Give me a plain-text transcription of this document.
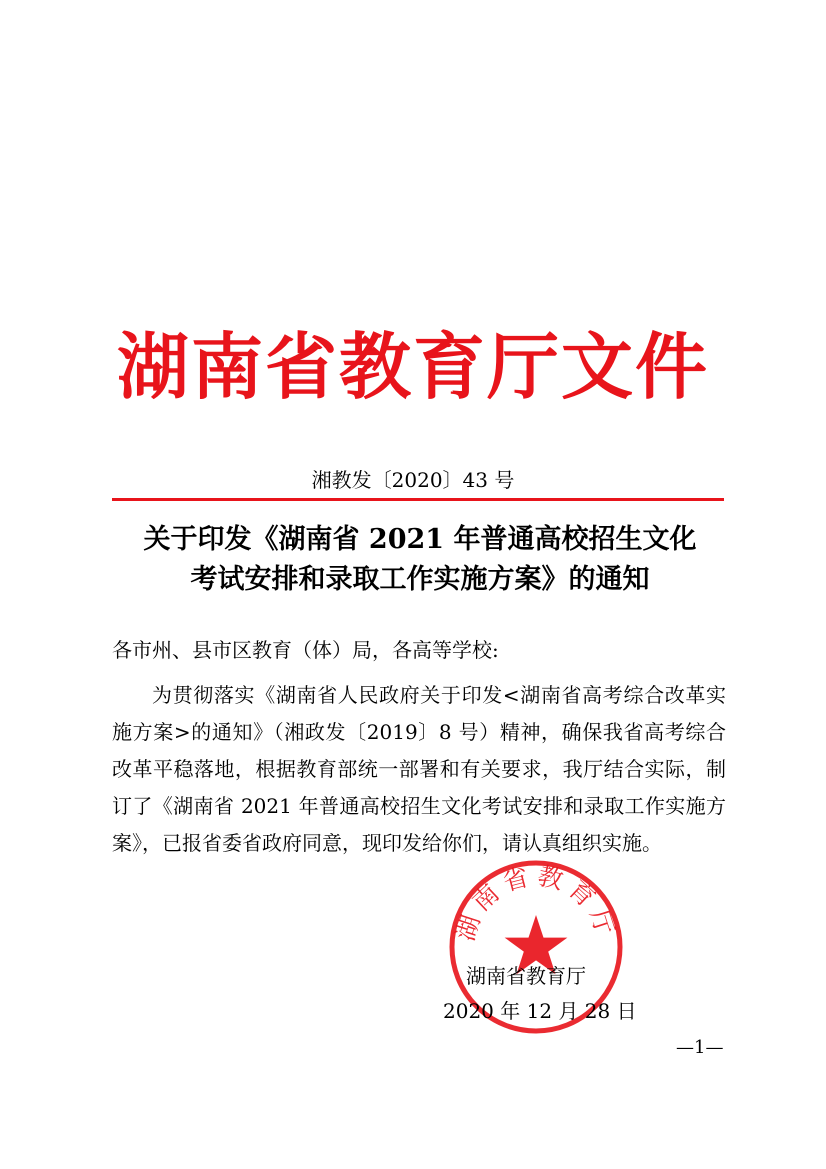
湖南省教育厅文件
湘教发〔2020〕43 号
关于印发《湖南省 2021 年普通高校招生文化
考试安排和录取工作实施方案》的通知
各市州、县市区教育（体）局，各高等学校:
为贯彻落实《湖南省人民政府关于印发<湖南省高考综合改革实施方案>的通知》（湘政发〔2019〕8 号）精神，确保我省高考综合改革平稳落地，根据教育部统一部署和有关要求，我厅结合实际，制订了《湖南省 2021 年普通高校招生文化考试安排和录取工作实施方案》，已报省委省政府同意，现印发给你们，请认真组织实施。
湖南省教育厅
湖南省教育厅
2020 年 12 月 28 日
—1—
